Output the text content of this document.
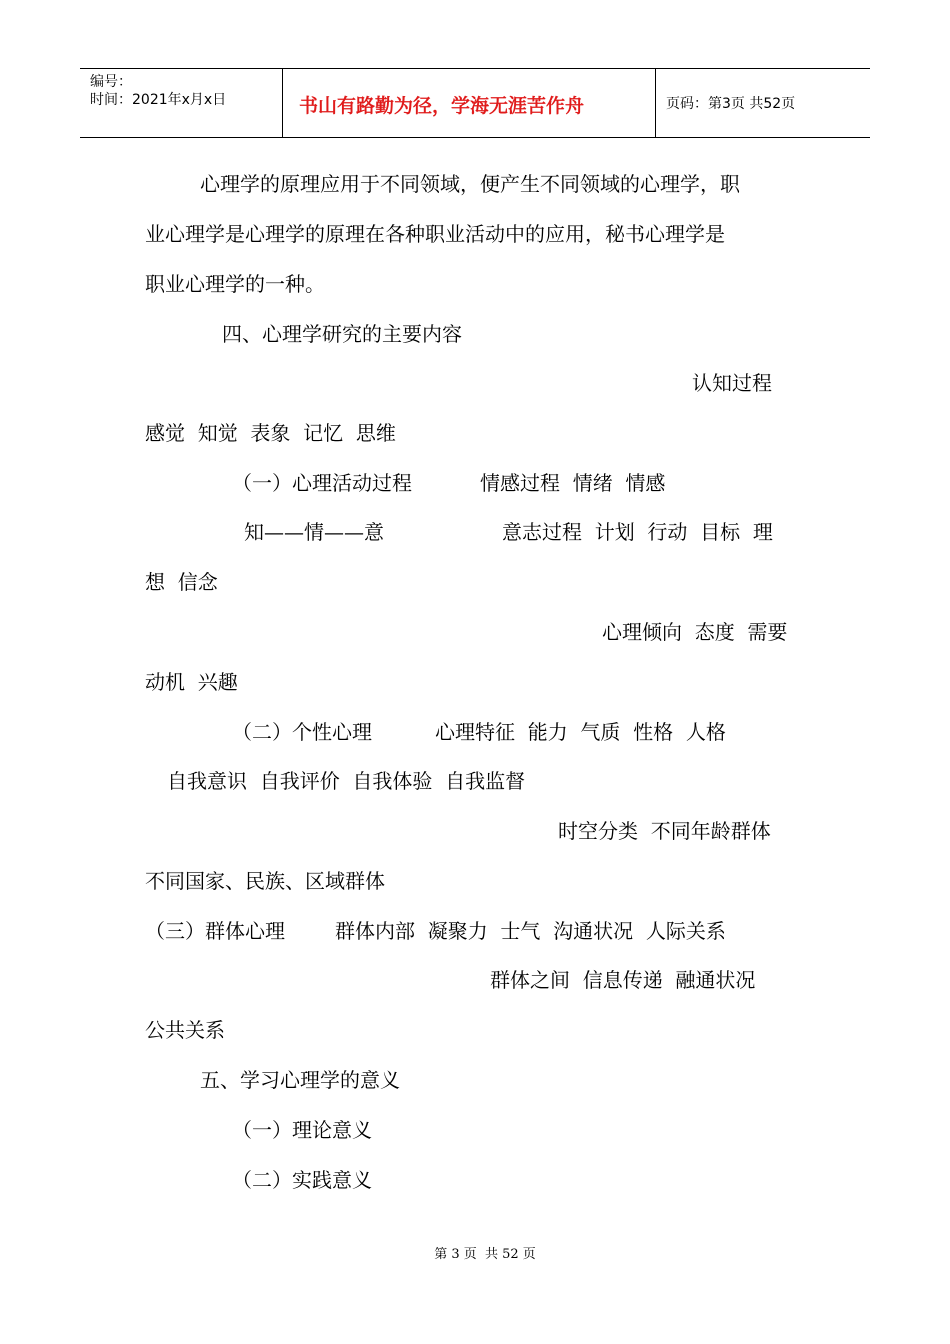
编号：
时间：2021年x月x日	书山有路勤为径，学海无涯苦作舟	页码：第3页 共52页
心理学的原理应用于不同领域，便产生不同领域的心理学，职
业心理学是心理学的原理在各种职业活动中的应用，秘书心理学是
职业心理学的一种。
四、心理学研究的主要内容
认知过程
感觉  知觉  表象  记忆  思维
（一）心理活动过程	情感过程  情绪  情感
知——情——意	意志过程  计划  行动  目标  理
想  信念
心理倾向  态度  需要
动机  兴趣
（二）个性心理	心理特征  能力  气质  性格  人格
自我意识  自我评价  自我体验  自我监督
时空分类  不同年龄群体
不同国家、民族、区域群体
（三）群体心理	群体内部  凝聚力  士气  沟通状况  人际关系
群体之间  信息传递  融通状况
公共关系
五、学习心理学的意义
（一）理论意义
（二）实践意义
第 3 页  共 52 页
